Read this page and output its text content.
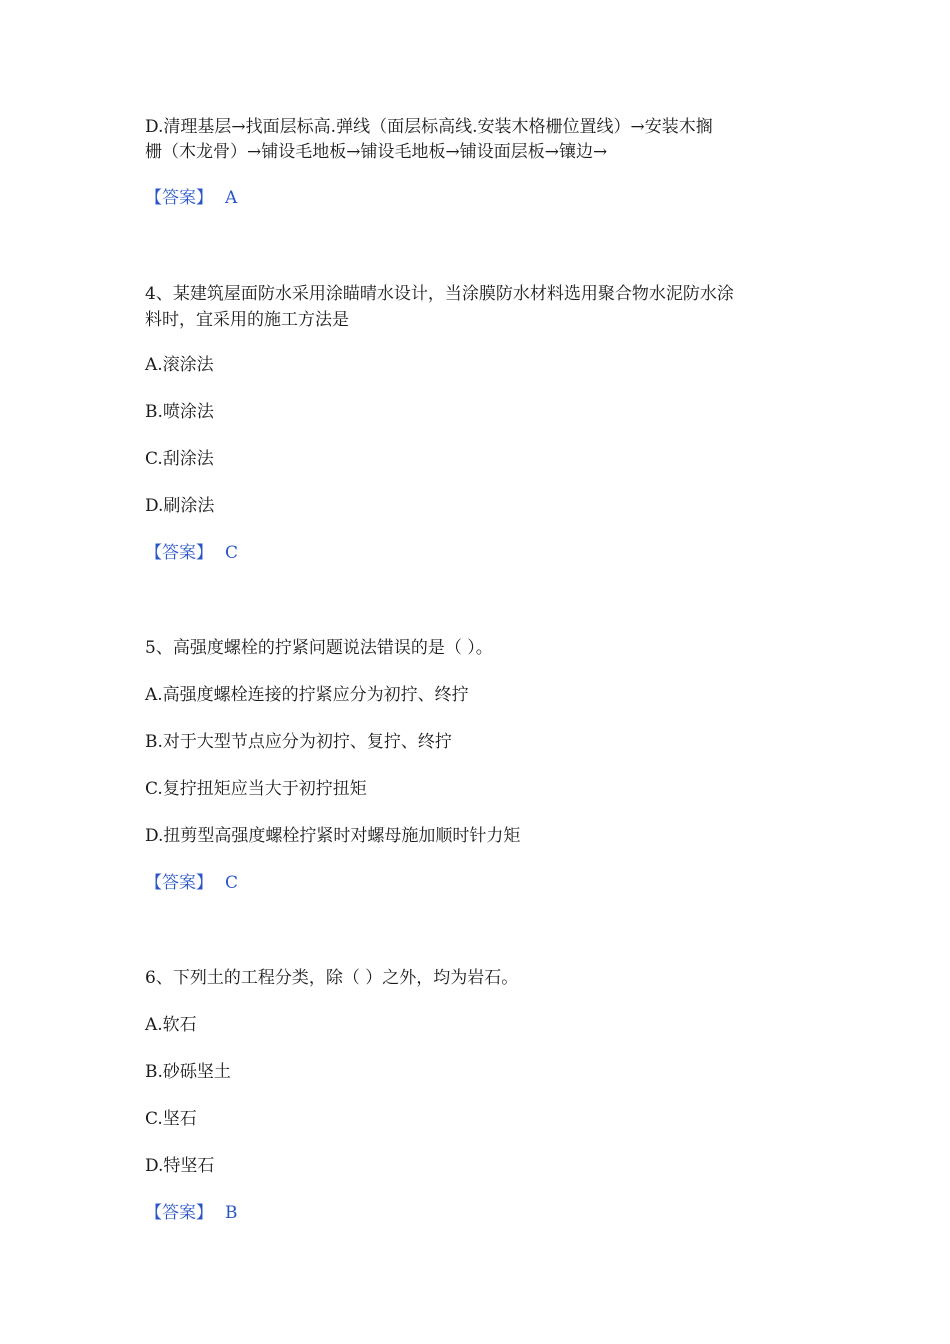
D.清理基层→找面层标高.弹线（面层标高线.安装木格栅位置线）→安装木搁
栅（木龙骨）→铺设毛地板→铺设毛地板→铺设面层板→镶边→
【答案】 A
4、某建筑屋面防水采用涂瞄晴水设计，当涂膜防水材料选用聚合物水泥防水涂
料时，宜采用的施工方法是
A.滚涂法
B.喷涂法
C.刮涂法
D.刷涂法
【答案】 C
5、高强度螺栓的拧紧问题说法错误的是（ ）。
A.高强度螺栓连接的拧紧应分为初拧、终拧
B.对于大型节点应分为初拧、复拧、终拧
C.复拧扭矩应当大于初拧扭矩
D.扭剪型高强度螺栓拧紧时对螺母施加顺时针力矩
【答案】 C
6、下列土的工程分类，除（ ）之外，均为岩石。
A.软石
B.砂砾坚土
C.坚石
D.特坚石
【答案】 B
